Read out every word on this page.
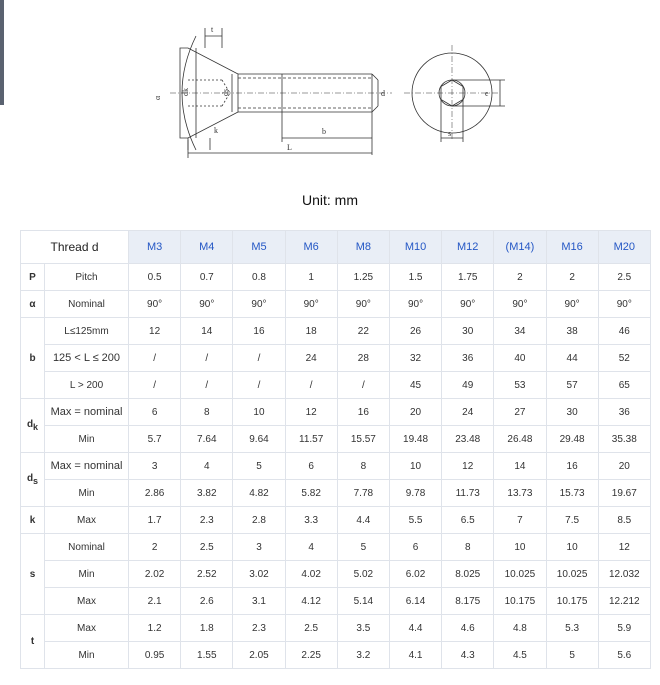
t
α
dk	ds
k	b
L
d	e
s
Unit: mm
Thread d		M3	M4	M5	M6	M8	M10	M12	(M14)	M16	M20
P	Pitch	0.5	0.7	0.8	1	1.25	1.5	1.75	2	2	2.5
α	Nominal	90°	90°	90°	90°	90°	90°	90°	90°	90°	90°
b	L≤125mm	12	14	16	18	22	26	30	34	38	46
	125 < L ≤ 200	/	/	/	24	28	32	36	40	44	52
	L > 200	/	/	/	/	/	45	49	53	57	65
$d_k$	Max = nominal	6	8	10	12	16	20	24	27	30	36
	Min	5.7	7.64	9.64	11.57	15.57	19.48	23.48	26.48	29.48	35.38
$d_s$	Max = nominal	3	4	5	6	8	10	12	14	16	20
	Min	2.86	3.82	4.82	5.82	7.78	9.78	11.73	13.73	15.73	19.67
k	Max	1.7	2.3	2.8	3.3	4.4	5.5	6.5	7	7.5	8.5
s	Nominal	2	2.5	3	4	5	6	8	10	10	12
	Min	2.02	2.52	3.02	4.02	5.02	6.02	8.025	10.025	10.025	12.032
	Max	2.1	2.6	3.1	4.12	5.14	6.14	8.175	10.175	10.175	12.212
t	Max	1.2	1.8	2.3	2.5	3.5	4.4	4.6	4.8	5.3	5.9
	Min	0.95	1.55	2.05	2.25	3.2	4.1	4.3	4.5	5	5.6
